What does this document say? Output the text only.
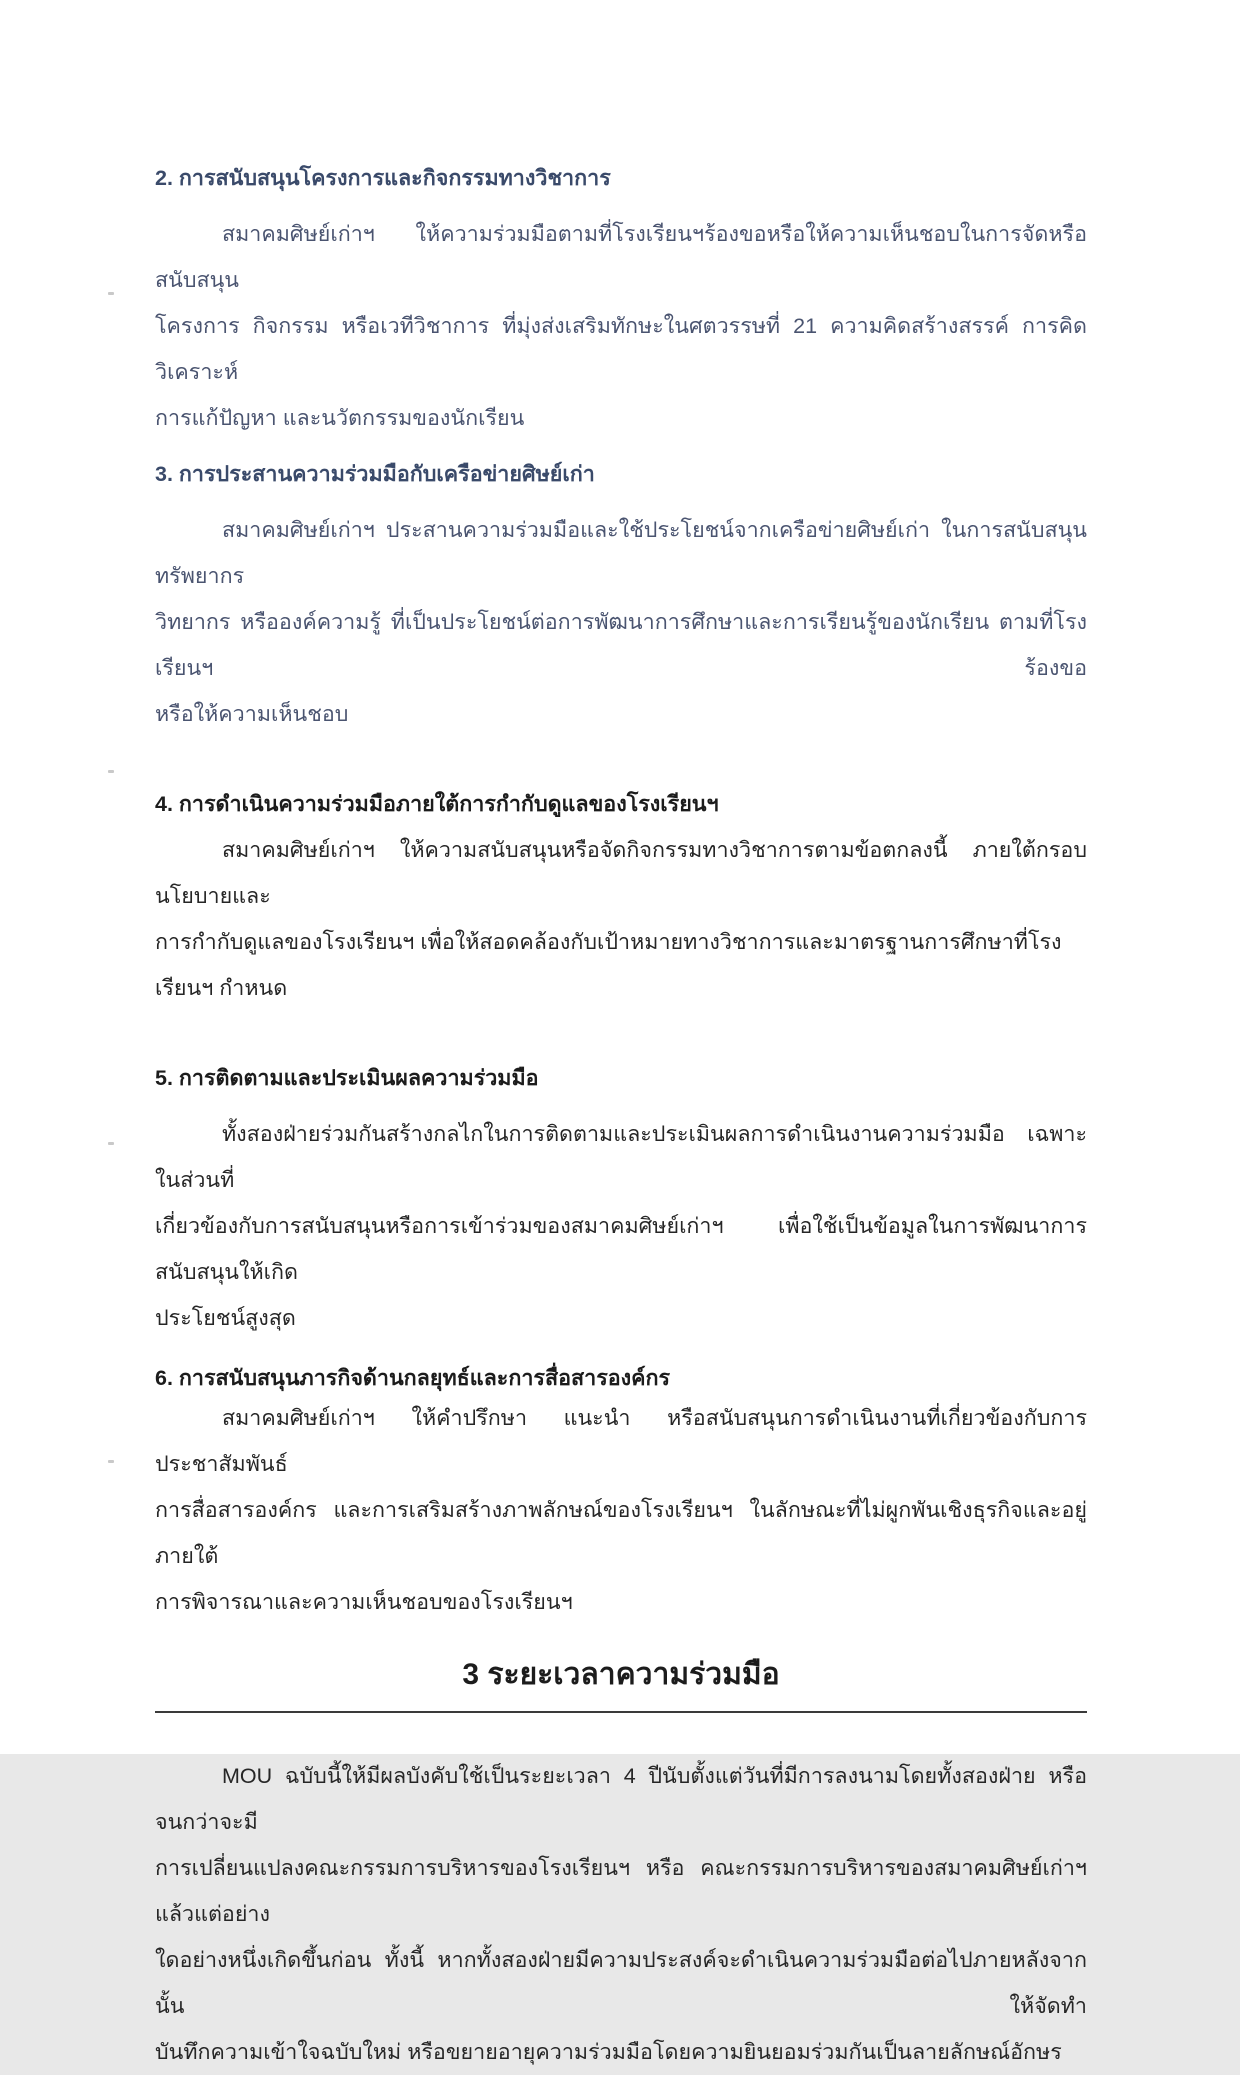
2. การสนับสนุนโครงการและกิจกรรมทางวิชาการ
สมาคมศิษย์เก่าฯ ให้ความร่วมมือตามที่โรงเรียนฯร้องขอหรือให้ความเห็นชอบในการจัดหรือสนับสนุน
โครงการ กิจกรรม หรือเวทีวิชาการ ที่มุ่งส่งเสริมทักษะในศตวรรษที่ 21 ความคิดสร้างสรรค์ การคิดวิเคราะห์
การแก้ปัญหา และนวัตกรรมของนักเรียน
3. การประสานความร่วมมือกับเครือข่ายศิษย์เก่า
สมาคมศิษย์เก่าฯ ประสานความร่วมมือและใช้ประโยชน์จากเครือข่ายศิษย์เก่า ในการสนับสนุนทรัพยากร
วิทยากร หรือองค์ความรู้ ที่เป็นประโยชน์ต่อการพัฒนาการศึกษาและการเรียนรู้ของนักเรียน ตามที่โรงเรียนฯ ร้องขอ
หรือให้ความเห็นชอบ
4. การดำเนินความร่วมมือภายใต้การกำกับดูแลของโรงเรียนฯ
สมาคมศิษย์เก่าฯ ให้ความสนับสนุนหรือจัดกิจกรรมทางวิชาการตามข้อตกลงนี้ ภายใต้กรอบนโยบายและ
การกำกับดูแลของโรงเรียนฯ เพื่อให้สอดคล้องกับเป้าหมายทางวิชาการและมาตรฐานการศึกษาที่โรงเรียนฯ กำหนด
5. การติดตามและประเมินผลความร่วมมือ
ทั้งสองฝ่ายร่วมกันสร้างกลไกในการติดตามและประเมินผลการดำเนินงานความร่วมมือ เฉพาะในส่วนที่
เกี่ยวข้องกับการสนับสนุนหรือการเข้าร่วมของสมาคมศิษย์เก่าฯ เพื่อใช้เป็นข้อมูลในการพัฒนาการสนับสนุนให้เกิด
ประโยชน์สูงสุด
6. การสนับสนุนภารกิจด้านกลยุทธ์และการสื่อสารองค์กร
สมาคมศิษย์เก่าฯ ให้คำปรึกษา แนะนำ หรือสนับสนุนการดำเนินงานที่เกี่ยวข้องกับการประชาสัมพันธ์
การสื่อสารองค์กร และการเสริมสร้างภาพลักษณ์ของโรงเรียนฯ ในลักษณะที่ไม่ผูกพันเชิงธุรกิจและอยู่ภายใต้
การพิจารณาและความเห็นชอบของโรงเรียนฯ
3 ระยะเวลาความร่วมมือ
MOU ฉบับนี้ให้มีผลบังคับใช้เป็นระยะเวลา 4 ปีนับตั้งแต่วันที่มีการลงนามโดยทั้งสองฝ่าย หรือจนกว่าจะมี
การเปลี่ยนแปลงคณะกรรมการบริหารของโรงเรียนฯ หรือ คณะกรรมการบริหารของสมาคมศิษย์เก่าฯ แล้วแต่อย่าง
ใดอย่างหนึ่งเกิดขึ้นก่อน ทั้งนี้ หากทั้งสองฝ่ายมีความประสงค์จะดำเนินความร่วมมือต่อไปภายหลังจากนั้น ให้จัดทำ
บันทึกความเข้าใจฉบับใหม่ หรือขยายอายุความร่วมมือโดยความยินยอมร่วมกันเป็นลายลักษณ์อักษร
